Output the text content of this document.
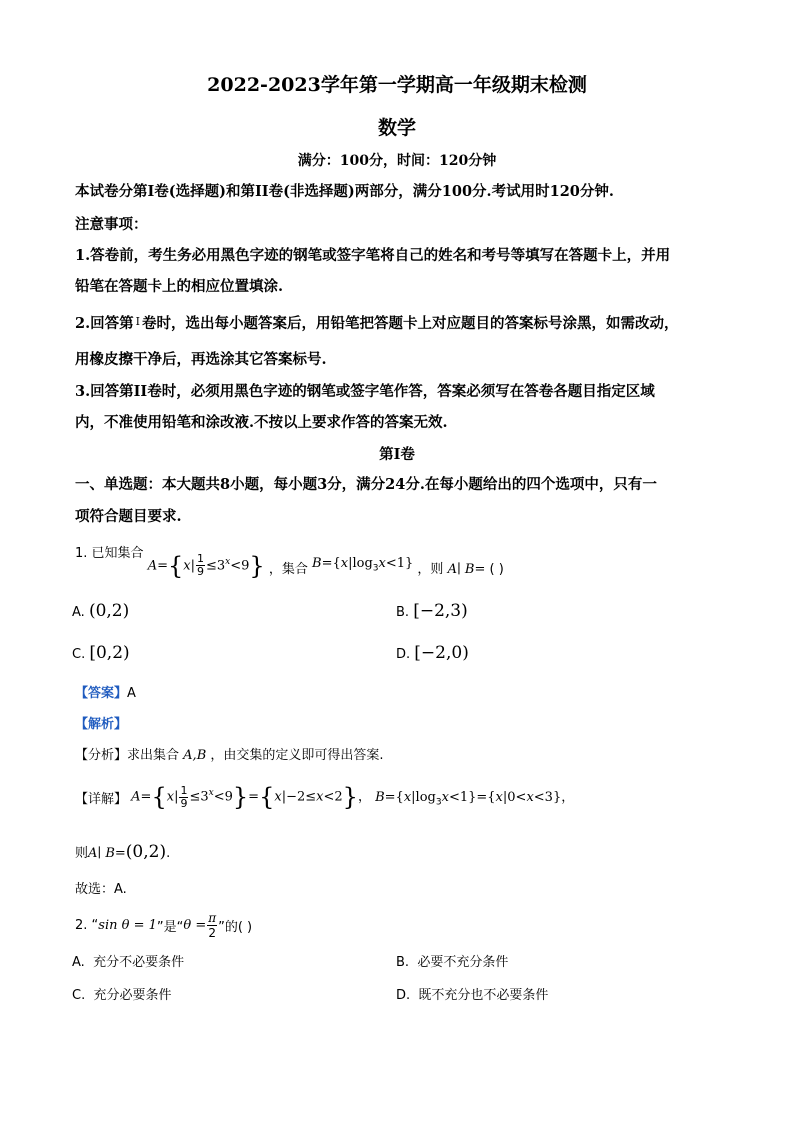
2022-2023学年第一学期高一年级期末检测
数学
满分：100分，时间：120分钟
本试卷分第I卷(选择题)和第II卷(非选择题)两部分，满分100分.考试用时120分钟.
注意事项：
1.答卷前，考生务必用黑色字迹的钢笔或签字笔将自己的姓名和考号等填写在答题卡上，并用
铅笔在答题卡上的相应位置填涂.
2.回答第 $^I$ 卷时，选出每小题答案后，用铅笔把答题卡上对应题目的答案标号涂黑，如需改动，
用橡皮擦干净后，再选涂其它答案标号.
3.回答第II卷时，必须用黑色字迹的钢笔或签字笔作答，答案必须写在答卷各题目指定区域
内，不准使用铅笔和涂改液.不按以上要求作答的答案无效.
第I卷
一、单选题：本大题共8小题，每小题3分，满分24分.在每小题给出的四个选项中，只有一
项符合题目要求.
1. 已知集合 $A=\{x| \frac{1}{9} \le 3^x<9\}$ ，集合 $B=\{x|\log_3x<1\}$ ，则 A∣ B= ( )
A. (0,2)	B. [−2,3)
C. [0,2)	D. [−2,0)
【答案】A
【解析】
【分析】求出集合 A,B ，由交集的定义即可得出答案.
【详解】 $A=\{x| \frac{1}{9} \le 3^x<9\}=\{x|-2\le x<2\}$， $B=\{x|\log_3x<1\}=\{x|0<x<3\}$，
则A∣ B=(0,2).
故选：A.
2. “sin θ = 1”是“$\theta = \frac{\pi}{2}$ ”的( )
A. 充分不必要条件	B. 必要不充分条件
C. 充分必要条件	D. 既不充分也不必要条件
